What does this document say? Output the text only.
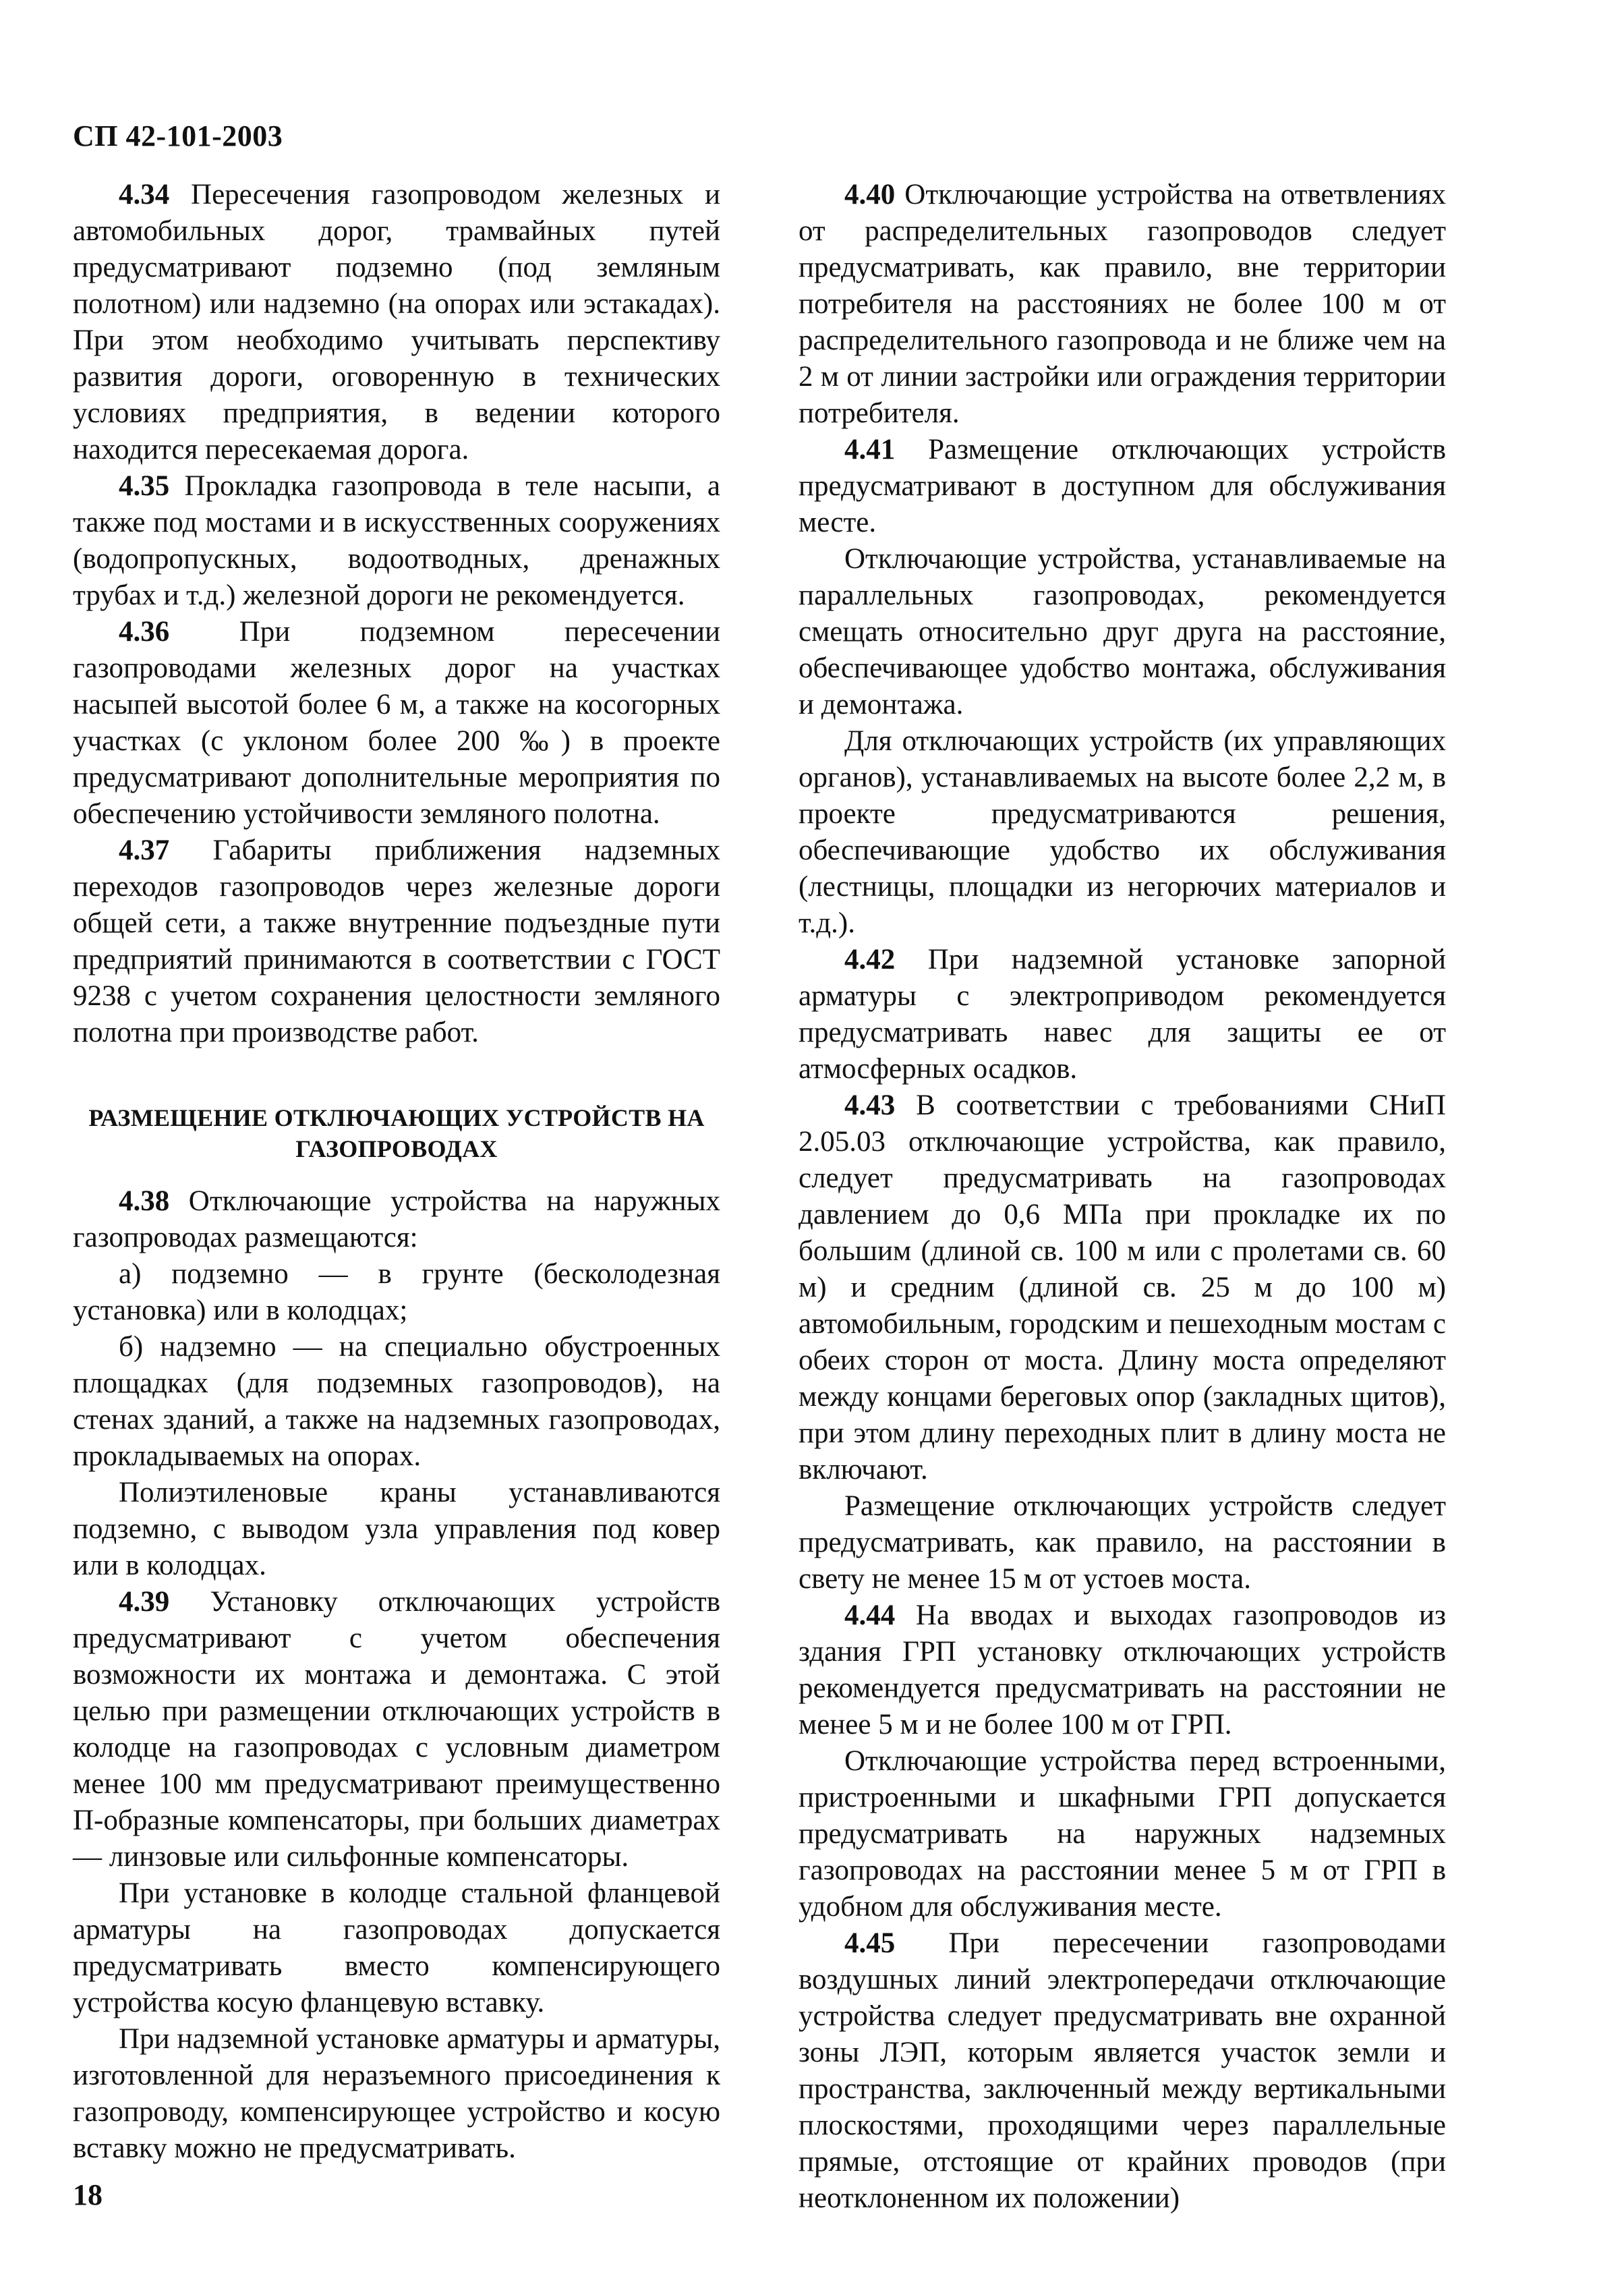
СП 42-101-2003

4.34 Пересечения газопроводом железных и автомобильных дорог, трамвайных путей предусматривают подземно (под земляным полотном) или надземно (на опорах или эстакадах). При этом необходимо учитывать перспективу развития дороги, оговоренную в технических условиях предприятия, в ведении которого находится пересекаемая дорога.

4.35 Прокладка газопровода в теле насыпи, а также под мостами и в искусственных сооружениях (водопропускных, водоотводных, дренажных трубах и т.д.) железной дороги не рекомендуется.

4.36 При подземном пересечении газопроводами железных дорог на участках насыпей высотой более 6 м, а также на косогорных участках (с уклоном более 200 ‰) в проекте предусматривают дополнительные мероприятия по обеспечению устойчивости земляного полотна.

4.37 Габариты приближения надземных переходов газопроводов через железные дороги общей сети, а также внутренние подъездные пути предприятий принимаются в соответствии с ГОСТ 9238 с учетом сохранения целостности земляного полотна при производстве работ.

РАЗМЕЩЕНИЕ ОТКЛЮЧАЮЩИХ УСТРОЙСТВ НА ГАЗОПРОВОДАХ

4.38 Отключающие устройства на наружных газопроводах размещаются:

а) подземно — в грунте (бесколодезная установка) или в колодцах;

б) надземно — на специально обустроенных площадках (для подземных газопроводов), на стенах зданий, а также на надземных газопроводах, прокладываемых на опорах.

Полиэтиленовые краны устанавливаются подземно, с выводом узла управления под ковер или в колодцах.

4.39 Установку отключающих устройств предусматривают с учетом обеспечения возможности их монтажа и демонтажа. С этой целью при размещении отключающих устройств в колодце на газопроводах с условным диаметром менее 100 мм предусматривают преимущественно П-образные компенсаторы, при больших диаметрах — линзовые или сильфонные компенсаторы.

При установке в колодце стальной фланцевой арматуры на газопроводах допускается предусматривать вместо компенсирующего устройства косую фланцевую вставку.

При надземной установке арматуры и арматуры, изготовленной для неразъемного присоединения к газопроводу, компенсирующее устройство и косую вставку можно не предусматривать.

4.40 Отключающие устройства на ответвлениях от распределительных газопроводов следует предусматривать, как правило, вне территории потребителя на расстояниях не более 100 м от распределительного газопровода и не ближе чем на 2 м от линии застройки или ограждения территории потребителя.

4.41 Размещение отключающих устройств предусматривают в доступном для обслуживания месте.

Отключающие устройства, устанавливаемые на параллельных газопроводах, рекомендуется смещать относительно друг друга на расстояние, обеспечивающее удобство монтажа, обслуживания и демонтажа.

Для отключающих устройств (их управляющих органов), устанавливаемых на высоте более 2,2 м, в проекте предусматриваются решения, обеспечивающие удобство их обслуживания (лестницы, площадки из негорючих материалов и т.д.).

4.42 При надземной установке запорной арматуры с электроприводом рекомендуется предусматривать навес для защиты ее от атмосферных осадков.

4.43 В соответствии с требованиями СНиП 2.05.03 отключающие устройства, как правило, следует предусматривать на газопроводах давлением до 0,6 МПа при прокладке их по большим (длиной св. 100 м или с пролетами св. 60 м) и средним (длиной св. 25 м до 100 м) автомобильным, городским и пешеходным мостам с обеих сторон от моста. Длину моста определяют между концами береговых опор (закладных щитов), при этом длину переходных плит в длину моста не включают.

Размещение отключающих устройств следует предусматривать, как правило, на расстоянии в свету не менее 15 м от устоев моста.

4.44 На вводах и выходах газопроводов из здания ГРП установку отключающих устройств рекомендуется предусматривать на расстоянии не менее 5 м и не более 100 м от ГРП.

Отключающие устройства перед встроенными, пристроенными и шкафными ГРП допускается предусматривать на наружных надземных газопроводах на расстоянии менее 5 м от ГРП в удобном для обслуживания месте.

4.45 При пересечении газопроводами воздушных линий электропередачи отключающие устройства следует предусматривать вне охранной зоны ЛЭП, которым является участок земли и пространства, заключенный между вертикальными плоскостями, проходящими через параллельные прямые, отстоящие от крайних проводов (при неотклоненном их положении)

18
